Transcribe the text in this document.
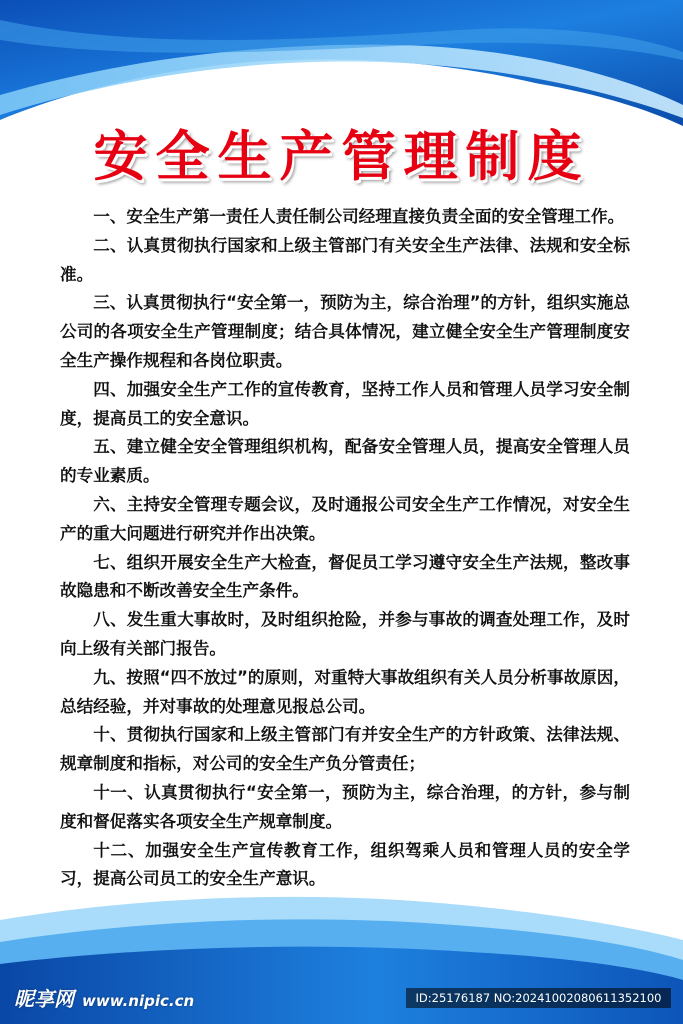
安全生产管理制度

一、安全生产第一责任人责任制公司经理直接负责全面的安全管理工作。

二、认真贯彻执行国家和上级主管部门有关安全生产法律、法规和安全标准。

三、认真贯彻执行“安全第一，预防为主，综合治理”的方针，组织实施总公司的各项安全生产管理制度；结合具体情况，建立健全安全生产管理制度安全生产操作规程和各岗位职责。

四、加强安全生产工作的宣传教育，坚持工作人员和管理人员学习安全制度，提高员工的安全意识。

五、建立健全安全管理组织机构，配备安全管理人员，提高安全管理人员的专业素质。

六、主持安全管理专题会议，及时通报公司安全生产工作情况，对安全生产的重大问题进行研究并作出决策。

七、组织开展安全生产大检查，督促员工学习遵守安全生产法规，整改事故隐患和不断改善安全生产条件。

八、发生重大事故时，及时组织抢险，并参与事故的调查处理工作，及时向上级有关部门报告。

九、按照“四不放过”的原则，对重特大事故组织有关人员分析事故原因，总结经验，并对事故的处理意见报总公司。

十、贯彻执行国家和上级主管部门有并安全生产的方针政策、法律法规、规章制度和指标，对公司的安全生产负分管责任；

十一、认真贯彻执行“安全第一，预防为主，综合治理，的方针，参与制度和督促落实各项安全生产规章制度。

十二、加强安全生产宣传教育工作，组织驾乘人员和管理人员的安全学习，提高公司员工的安全生产意识。

昵享网 www.nipic.cn	ID:25176187 NO:20241002080611352100
